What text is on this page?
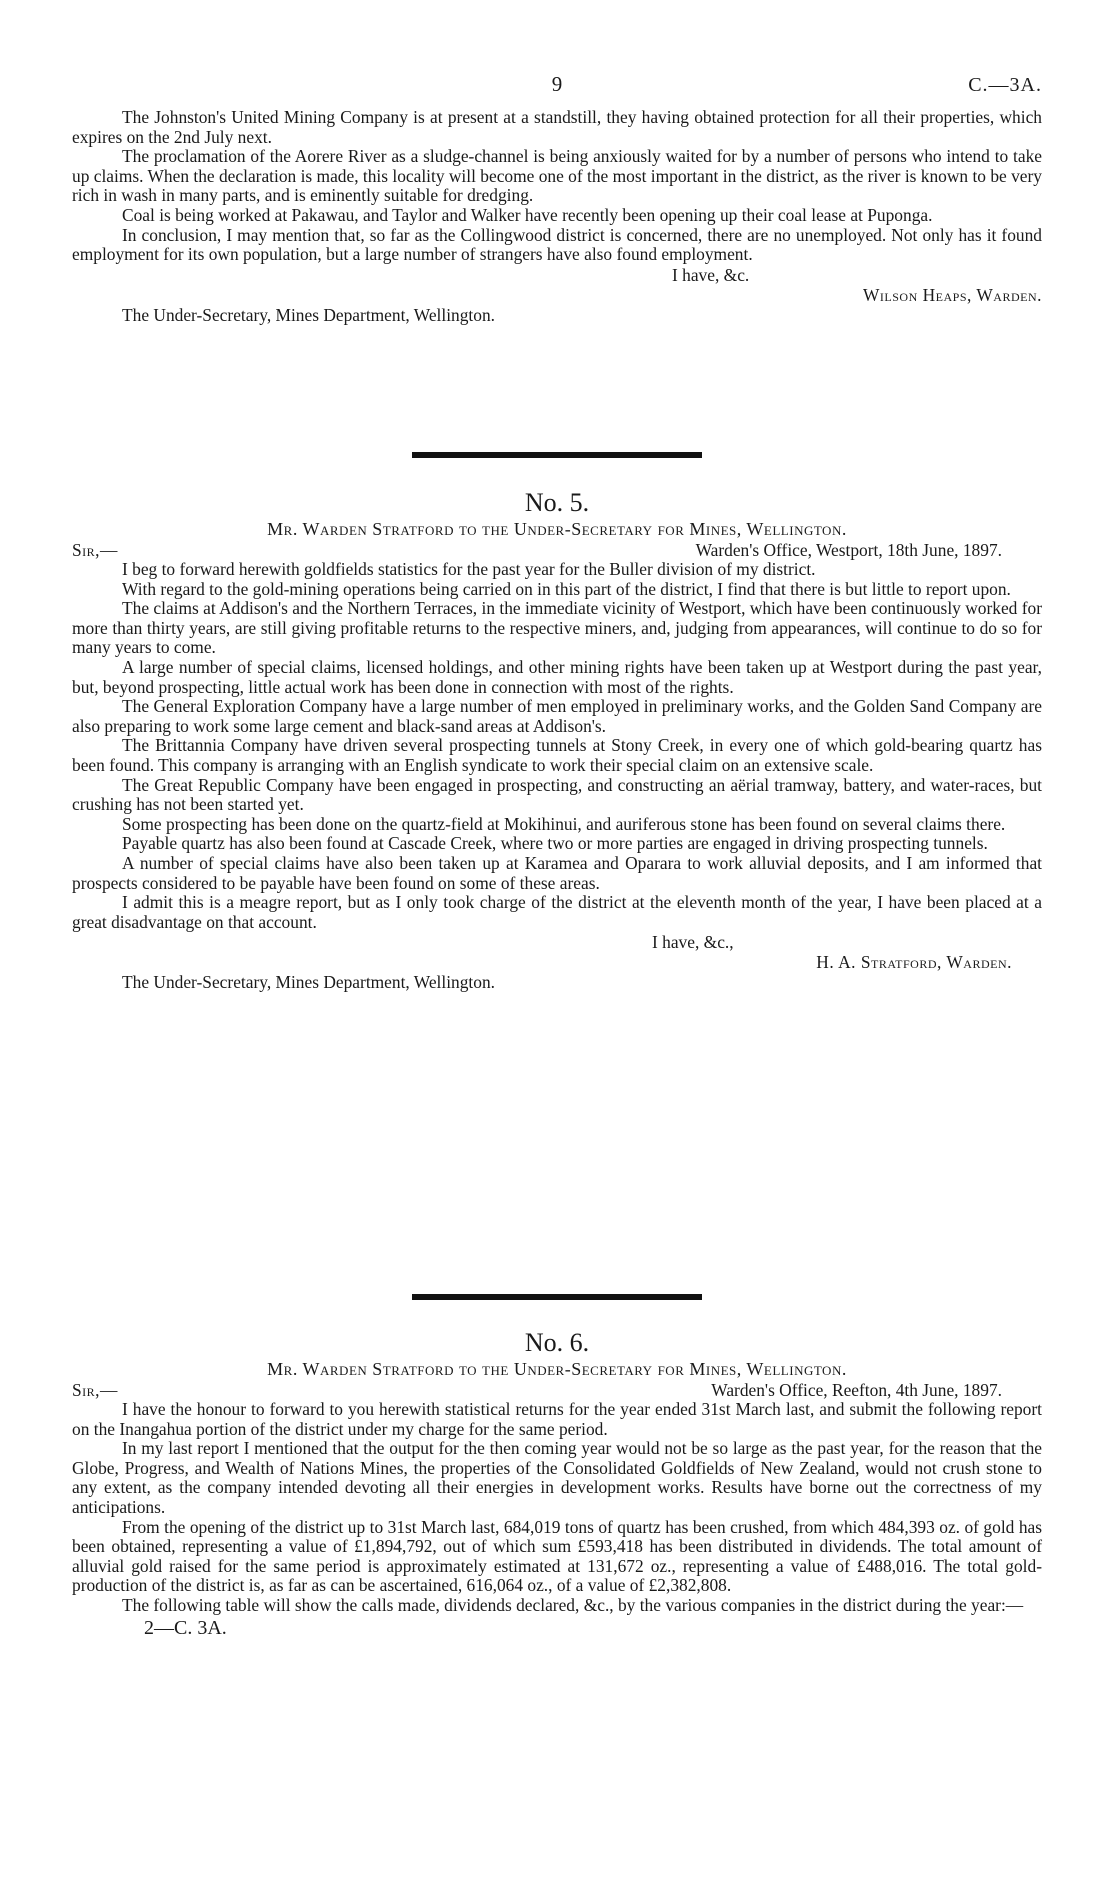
9	C.—3A.

The Johnston's United Mining Company is at present at a standstill, they having obtained protection for all their properties, which expires on the 2nd July next.

The proclamation of the Aorere River as a sludge-channel is being anxiously waited for by a number of persons who intend to take up claims. When the declaration is made, this locality will become one of the most important in the district, as the river is known to be very rich in wash in many parts, and is eminently suitable for dredging.

Coal is being worked at Pakawau, and Taylor and Walker have recently been opening up their coal lease at Puponga.

In conclusion, I may mention that, so far as the Collingwood district is concerned, there are no unemployed. Not only has it found employment for its own population, but a large number of strangers have also found employment.

I have, &c.
Wilson Heaps, Warden.
The Under-Secretary, Mines Department, Wellington.
No. 5.
Mr. Warden Stratford to the Under-Secretary for Mines, Wellington.
Sir,—	Warden's Office, Westport, 18th June, 1897.

I beg to forward herewith goldfields statistics for the past year for the Buller division of my district.

With regard to the gold-mining operations being carried on in this part of the district, I find that there is but little to report upon.

The claims at Addison's and the Northern Terraces, in the immediate vicinity of Westport, which have been continuously worked for more than thirty years, are still giving profitable returns to the respective miners, and, judging from appearances, will continue to do so for many years to come.

A large number of special claims, licensed holdings, and other mining rights have been taken up at Westport during the past year, but, beyond prospecting, little actual work has been done in connection with most of the rights.

The General Exploration Company have a large number of men employed in preliminary works, and the Golden Sand Company are also preparing to work some large cement and black-sand areas at Addison's.

The Brittannia Company have driven several prospecting tunnels at Stony Creek, in every one of which gold-bearing quartz has been found. This company is arranging with an English syndicate to work their special claim on an extensive scale.

The Great Republic Company have been engaged in prospecting, and constructing an aërial tramway, battery, and water-races, but crushing has not been started yet.

Some prospecting has been done on the quartz-field at Mokihinui, and auriferous stone has been found on several claims there.

Payable quartz has also been found at Cascade Creek, where two or more parties are engaged in driving prospecting tunnels.

A number of special claims have also been taken up at Karamea and Oparara to work alluvial deposits, and I am informed that prospects considered to be payable have been found on some of these areas.

I admit this is a meagre report, but as I only took charge of the district at the eleventh month of the year, I have been placed at a great disadvantage on that account.

I have, &c.,
H. A. Stratford, Warden.
The Under-Secretary, Mines Department, Wellington.
No. 6.
Mr. Warden Stratford to the Under-Secretary for Mines, Wellington.
Sir,—	Warden's Office, Reefton, 4th June, 1897.

I have the honour to forward to you herewith statistical returns for the year ended 31st March last, and submit the following report on the Inangahua portion of the district under my charge for the same period.

In my last report I mentioned that the output for the then coming year would not be so large as the past year, for the reason that the Globe, Progress, and Wealth of Nations Mines, the properties of the Consolidated Goldfields of New Zealand, would not crush stone to any extent, as the company intended devoting all their energies in development works. Results have borne out the correctness of my anticipations.

From the opening of the district up to 31st March last, 684,019 tons of quartz has been crushed, from which 484,393 oz. of gold has been obtained, representing a value of £1,894,792, out of which sum £593,418 has been distributed in dividends. The total amount of alluvial gold raised for the same period is approximately estimated at 131,672 oz., representing a value of £488,016. The total gold-production of the district is, as far as can be ascertained, 616,064 oz., of a value of £2,382,808.

The following table will show the calls made, dividends declared, &c., by the various companies in the district during the year:—

2—C. 3A.
